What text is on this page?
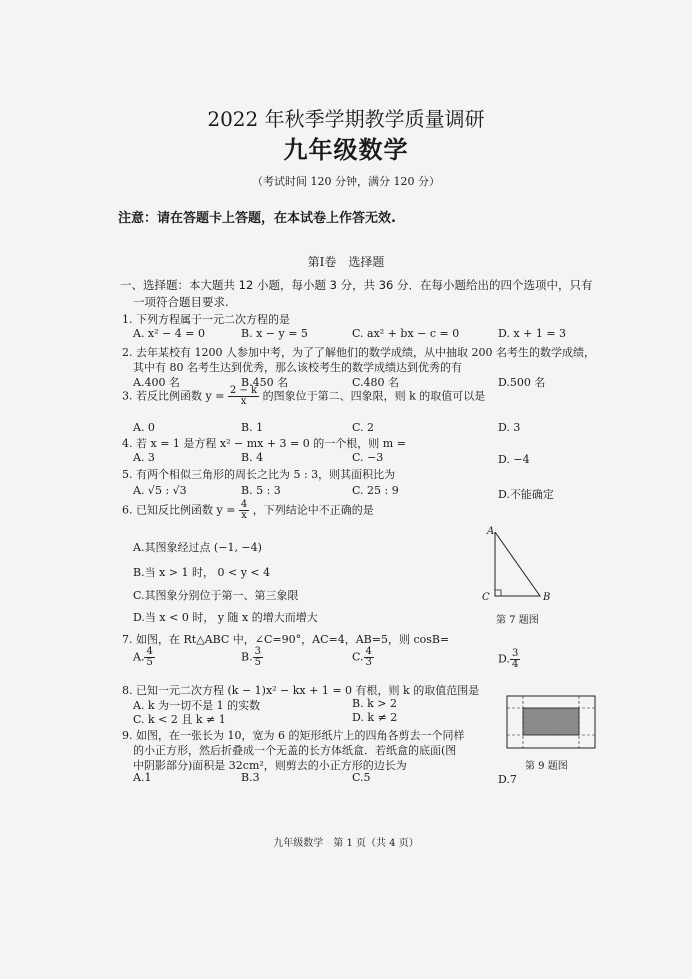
2022 年秋季学期教学质量调研
九年级数学
（考试时间 120 分钟，满分 120 分）
注意：请在答题卡上答题，在本试卷上作答无效.
第Ⅰ卷　选择题
一、选择题：本大题共 12 小题，每小题 3 分，共 36 分．在每小题给出的四个选项中，只有
一项符合题目要求.
1. 下列方程属于一元二次方程的是
A. x² − 4 = 0	B. x − y = 5	C. ax² + bx − c = 0	D. x + 1 = 3
2. 去年某校有 1200 人参加中考，为了了解他们的数学成绩，从中抽取 200 名考生的数学成绩，
其中有 80 名考生达到优秀，那么该校考生的数学成绩达到优秀的有
A.400 名	B.450 名	C.480 名	D.500 名
3. 若反比例函数 $y = \frac{2 - k}{x}$ 的图象位于第二、四象限，则 k 的取值可以是
A. 0	B. 1	C. 2	D. 3
4. 若 x = 1 是方程 x² − mx + 3 = 0 的一个根，则 m =
A. 3	B. 4	C. −3	D. −4
5. 有两个相似三角形的周长之比为 5 : 3，则其面积比为
A. √5 : √3	B. 5 : 3	C. 25 : 9	D.不能确定
6. 已知反比例函数 $y = \frac{4}{x}$ ，下列结论中不正确的是
A.其图象经过点 (−1, −4)
B.当 x > 1 时， 0 < y < 4
C.其图象分别位于第一、第三象限
D.当 x < 0 时， y 随 x 的增大而增大
A
C	B
第 7 题图
7. 如图，在 Rt△ABC 中，∠C=90°，AC=4，AB=5，则 cosB=
A. $\frac{4}{5}$	B. $\frac{3}{5}$	C. $\frac{4}{3}$	D. $\frac{3}{4}$
8. 已知一元二次方程 (k − 1)x² − kx + 1 = 0 有根，则 k 的取值范围是
A. k 为一切不是 1 的实数	B. k > 2
C. k < 2 且 k ≠ 1	D. k ≠ 2
第 9 题图
9. 如图，在一张长为 10，宽为 6 的矩形纸片上的四角各剪去一个同样
的小正方形，然后折叠成一个无盖的长方体纸盒．若纸盒的底面(图
中阴影部分)面积是 32cm²，则剪去的小正方形的边长为
A.1	B.3	C.5	D.7
九年级数学　第 1 页（共 4 页）
